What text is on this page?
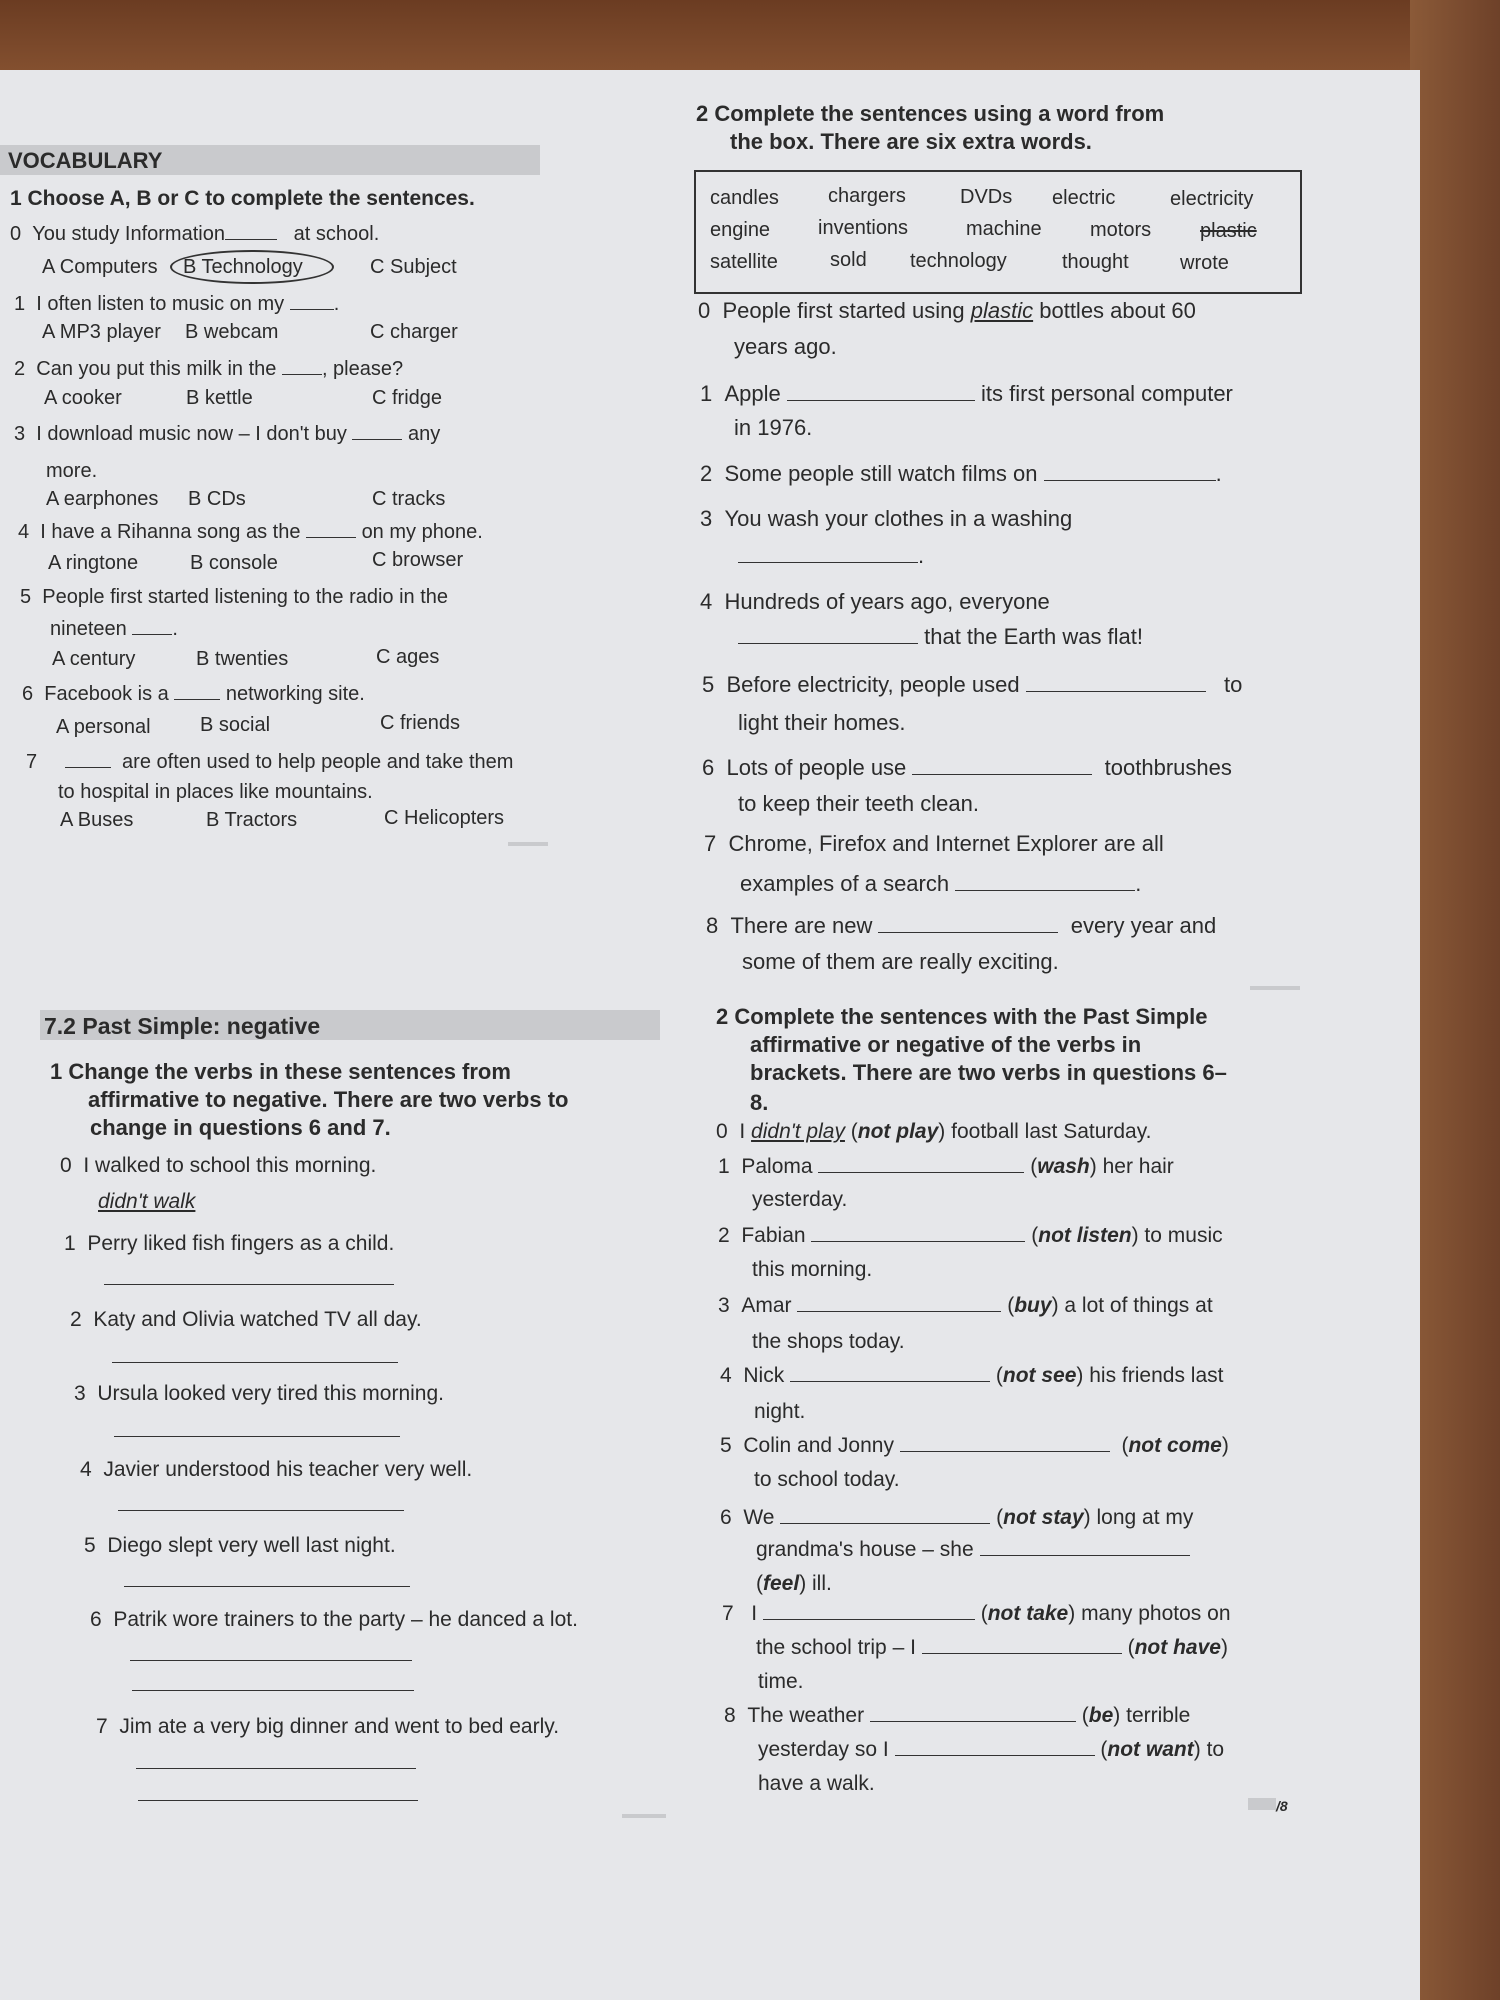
VOCABULARY
1 Choose A, B or C to complete the sentences.
0 You study Information	at school.
A Computers B Technology	C Subject
1 I often listen to music on my .
A MP3 player B webcam	C charger
2 Can you put this milk in the , please?
A cooker	B kettle	C fridge
3 I download music now – I don't buy	any
more.
A earphones B CDs	C tracks
4 I have a Rihanna song as the	on my phone.
A ringtone	B console	C browser
5 People first started listening to the radio in the
nineteen .
A century	B twenties	C ages
6 Facebook is a	networking site.
A personal B social	C friends
7	are often used to help people and take them
to hospital in places like mountains.
A Buses	B Tractors	C Helicopters
2 Complete the sentences using a word from
the box. There are six extra words.
candles chargers	DVDs electric	electricity
engine inventions	machine motors plastic
satellite	sold technology	thought	wrote
0 People first started using plastic bottles about 60
years ago.
1 Apple	its first personal computer
in 1976.
2 Some people still watch films on	.
3 You wash your clothes in a washing
.
4 Hundreds of years ago, everyone
that the Earth was flat!
5 Before electricity, people used	to
light their homes.
6 Lots of people use	toothbrushes
to keep their teeth clean.
7 Chrome, Firefox and Internet Explorer are all
examples of a search	.
8 There are new	every year and
some of them are really exciting.
7.2 Past Simple: negative
1 Change the verbs in these sentences from
affirmative to negative. There are two verbs to
change in questions 6 and 7.
0 I walked to school this morning.
didn't walk
1 Perry liked fish fingers as a child.
2 Katy and Olivia watched TV all day.
3 Ursula looked very tired this morning.
4 Javier understood his teacher very well.
5 Diego slept very well last night.
6 Patrik wore trainers to the party – he danced a lot.
7 Jim ate a very big dinner and went to bed early.
2 Complete the sentences with the Past Simple
affirmative or negative of the verbs in
brackets. There are two verbs in questions 6–
8.
0 I didn't play (not play) football last Saturday.
1 Paloma	(wash) her hair
yesterday.
2 Fabian	(not listen) to music
this morning.
3 Amar	(buy) a lot of things at
the shops today.
4 Nick	(not see) his friends last
night.
5 Colin and Jonny	(not come)
to school today.
6 We	(not stay) long at my
grandma's house – she
(feel) ill.
7 I	(not take) many photos on
the school trip – I	(not have)
time.
8 The weather	(be) terrible
yesterday so I	(not want) to
have a walk.
/8
